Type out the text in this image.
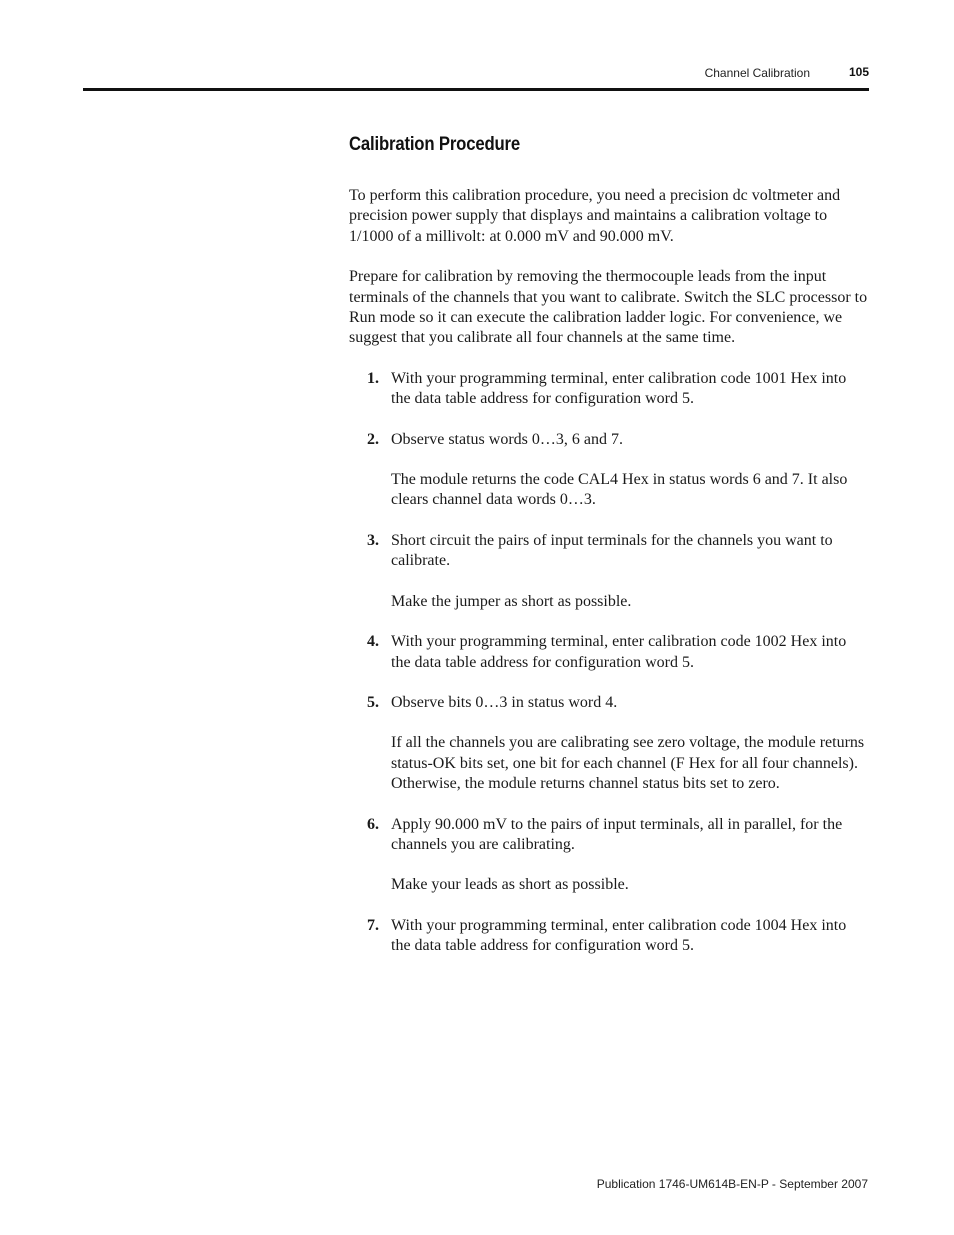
Channel Calibration	105
Calibration Procedure

To perform this calibration procedure, you need a precision dc voltmeter and precision power supply that displays and maintains a calibration voltage to 1/1000 of a millivolt: at 0.000 mV and 90.000 mV.

Prepare for calibration by removing the thermocouple leads from the input terminals of the channels that you want to calibrate. Switch the SLC processor to Run mode so it can execute the calibration ladder logic. For convenience, we suggest that you calibrate all four channels at the same time.

1. With your programming terminal, enter calibration code 1001 Hex into the data table address for configuration word 5.
2. Observe status words 0…3, 6 and 7.
The module returns the code CAL4 Hex in status words 6 and 7. It also clears channel data words 0…3.
3. Short circuit the pairs of input terminals for the channels you want to calibrate.
Make the jumper as short as possible.
4. With your programming terminal, enter calibration code 1002 Hex into the data table address for configuration word 5.
5. Observe bits 0…3 in status word 4.
If all the channels you are calibrating see zero voltage, the module returns status-OK bits set, one bit for each channel (F Hex for all four channels). Otherwise, the module returns channel status bits set to zero.
6. Apply 90.000 mV to the pairs of input terminals, all in parallel, for the channels you are calibrating.
Make your leads as short as possible.
7. With your programming terminal, enter calibration code 1004 Hex into the data table address for configuration word 5.
Publication 1746-UM614B-EN-P - September 2007
